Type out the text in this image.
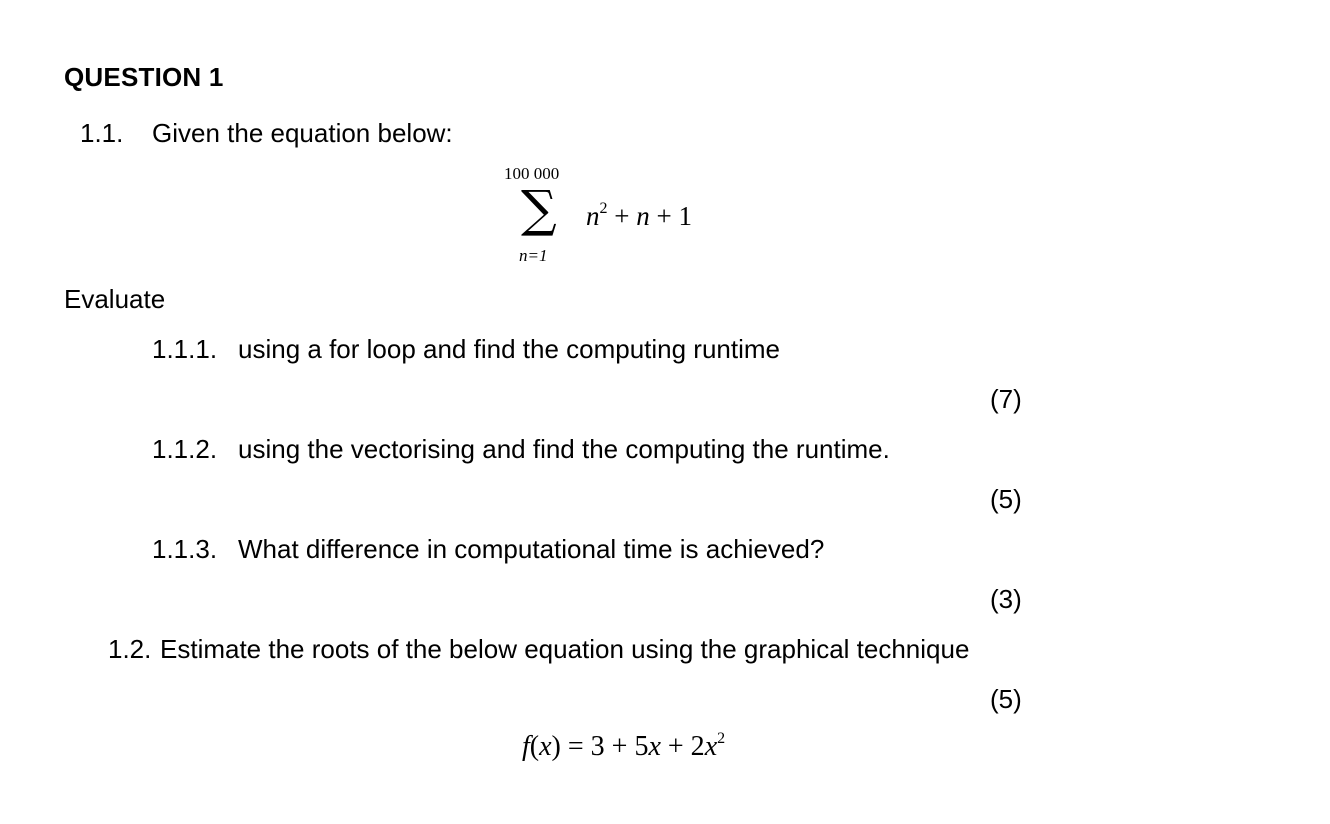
QUESTION 1
1.1. Given the equation below:
100 000
∑
n=1
$n^2 + n + 1$
Evaluate
1.1.1. using a for loop and find the computing runtime
(7)
1.1.2. using the vectorising and find the computing the runtime.
(5)
1.1.3. What difference in computational time is achieved?
(3)
1.2. Estimate the roots of the below equation using the graphical technique
(5)
$f(x) = 3 + 5x + 2x^2$
